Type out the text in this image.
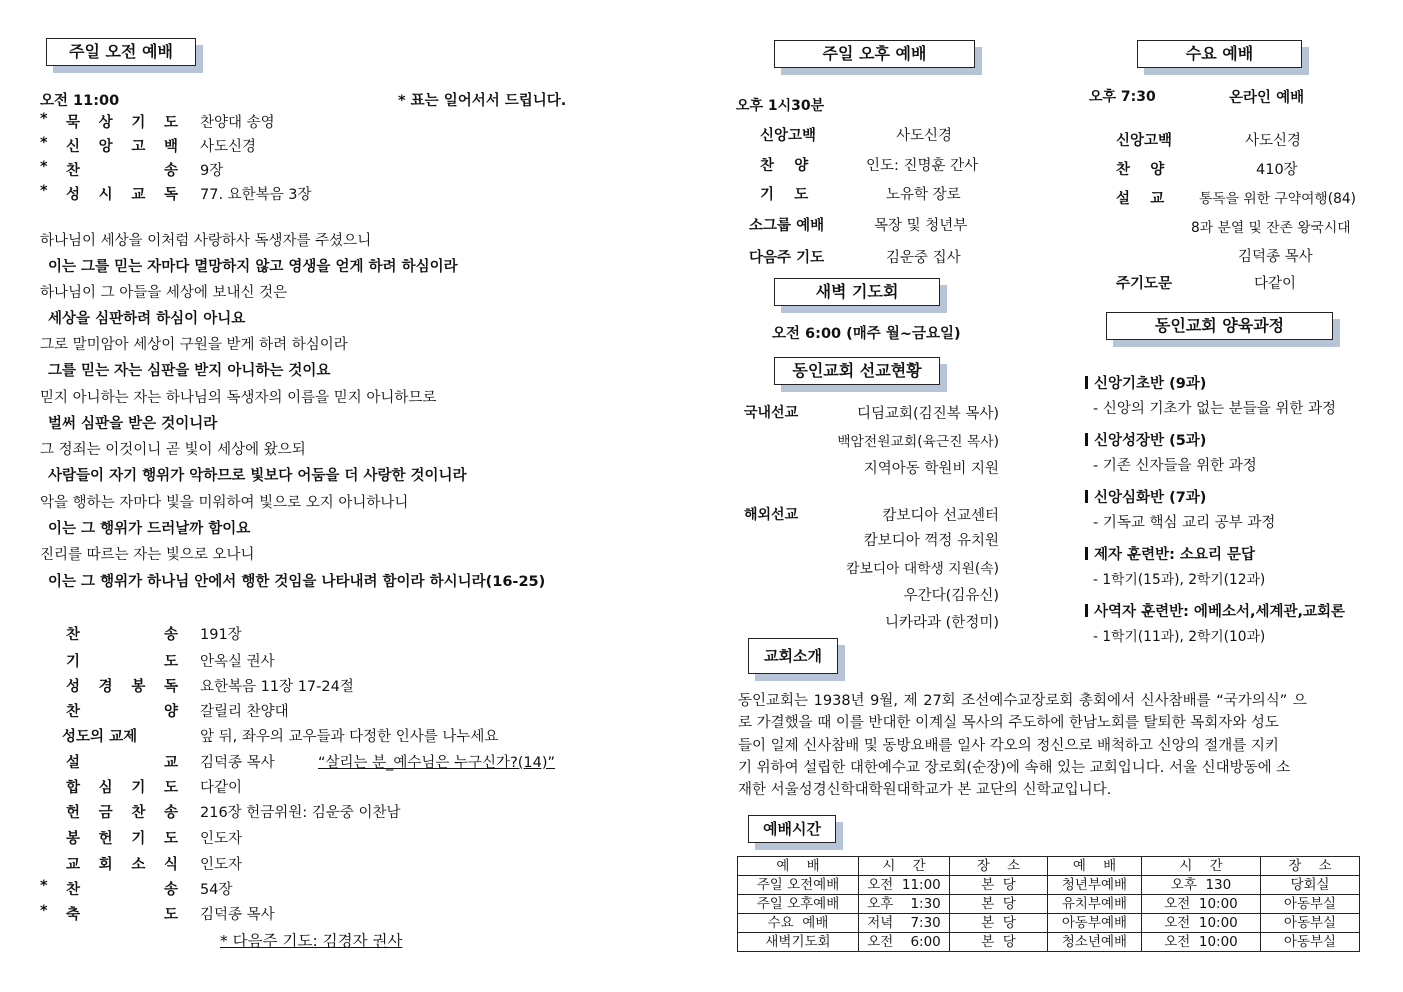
주일 오전 예배
오전 11:00	* 표는 일어서서 드립니다.
* 묵 상 기 도 찬양대 송영
* 신 앙 고 백 사도신경
* 찬	송 9장
* 성 시 교 독 77. 요한복음 3장
하나님이 세상을 이처럼 사랑하사 독생자를 주셨으니
이는 그를 믿는 자마다 멸망하지 않고 영생을 얻게 하려 하심이라
하나님이 그 아들을 세상에 보내신 것은
세상을 심판하려 하심이 아니요
그로 말미암아 세상이 구원을 받게 하려 하심이라
그를 믿는 자는 심판을 받지 아니하는 것이요
믿지 아니하는 자는 하나님의 독생자의 이름을 믿지 아니하므로
벌써 심판을 받은 것이니라
그 정죄는 이것이니 곧 빛이 세상에 왔으되
사람들이 자기 행위가 악하므로 빛보다 어둠을 더 사랑한 것이니라
악을 행하는 자마다 빛을 미워하여 빛으로 오지 아니하나니
이는 그 행위가 드러날까 함이요
진리를 따르는 자는 빛으로 오나니
이는 그 행위가 하나님 안에서 행한 것임을 나타내려 함이라 하시니라(16-25)
찬	송 191장
기	도 안옥실 권사
성 경 봉 독 요한복음 11장 17-24절
찬	양 갈릴리 찬양대
성도의 교제	앞 뒤, 좌우의 교우들과 다정한 인사를 나누세요
설	교 김덕종 목사	“살리는 분_예수님은 누구신가?(14)”
합 심 기 도 다같이
헌 금 찬 송 216장 헌금위원: 김운중 이찬남
봉 헌 기 도 인도자
교 회 소 식 인도자
* 찬	송 54장
* 축	도 김덕종 목사
* 다음주 기도: 김경자 권사
주일 오후 예배
오후 1시30분
신앙고백	사도신경
찬    양	인도: 진명훈 간사
기    도	노유학 장로
소그룹 예배	목장 및 청년부
다음주 기도	김운중 집사
새벽 기도회
오전 6:00 (매주 월~금요일)
동인교회 선교현황
국내선교	디딤교회(김진복 목사)
백암전원교회(육근진 목사)
지역아동 학원비 지원
해외선교	캄보디아 선교센터
캄보디아 꺽정 유치원
캄보디아 대학생 지원(속)
우간다(김유신)
니카라과 (한정미)
수요 예배
오후 7:30	온라인 예배
신앙고백	사도신경
찬    양	410장
설    교	통독을 위한 구약여행(84)
8과 분열 및 잔존 왕국시대
김덕종 목사
주기도문	다같이
동인교회 양육과정
신앙기초반 (9과)
- 신앙의 기초가 없는 분들을 위한 과정
신앙성장반 (5과)
- 기존 신자들을 위한 과정
신앙심화반 (7과)
- 기독교 핵심 교리 공부 과정
제자 훈련반: 소요리 문답
- 1학기(15과), 2학기(12과)
사역자 훈련반: 에베소서,세계관,교회론
- 1학기(11과), 2학기(10과)
교회소개
동인교회는 1938년 9월, 제 27회 조선예수교장로회 총회에서 신사참배를 “국가의식” 으
로 가결했을 때 이를 반대한 이계실 목사의 주도하에 한남노회를 탈퇴한 목회자와 성도
들이 일제 신사참배 및 동방요배를 일사 각오의 정신으로 배척하고 신앙의 절개를 지키
기 위하여 설립한 대한예수교 장로회(순장)에 속해 있는 교회입니다. 서울 신대방동에 소
재한 서울성경신학대학원대학교가 본 교단의 신학교입니다.
예배시간
예    배	시    간	장    소	예    배	시    간	장    소
주일 오전예배	오전  11:00	본  당	청년부예배	오후  130	당회실
주일 오후예배	오후    1:30	본  당	유치부예배	오전  10:00	아동부실
수요  예배	저녁    7:30	본  당	아동부예배	오전  10:00	아동부실
새벽기도회	오전    6:00	본  당	청소년예배	오전  10:00	아동부실
